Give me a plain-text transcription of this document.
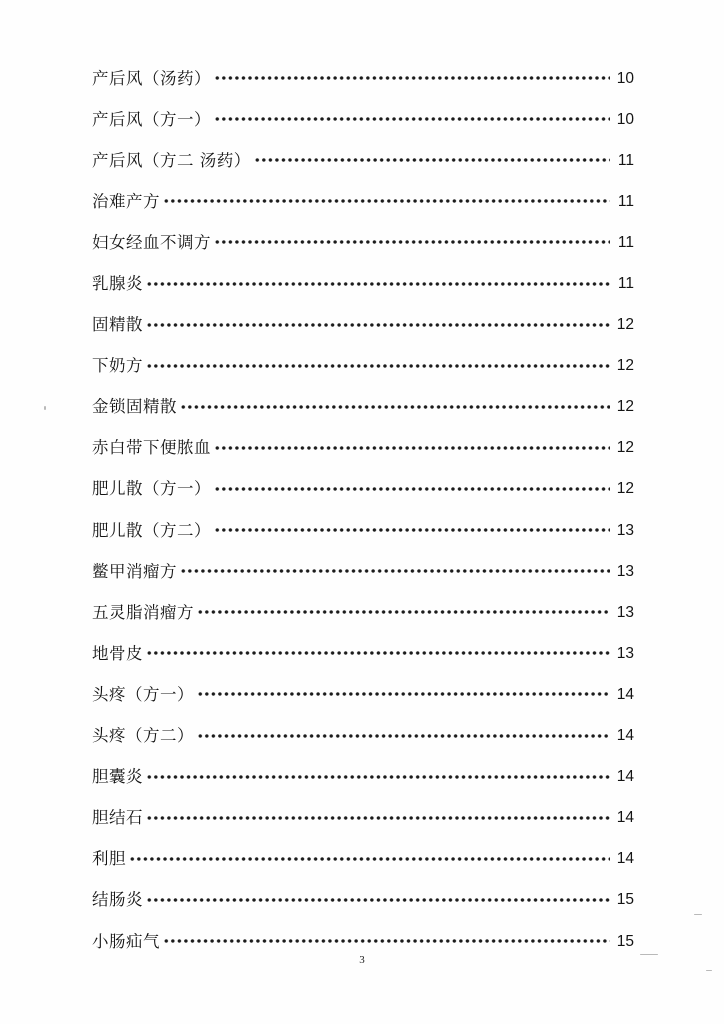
产后风（汤药）	10
产后风（方一）	10
产后风（方二 汤药）	11
治难产方	11
妇女经血不调方	11
乳腺炎	11
固精散	12
下奶方	12
金锁固精散	12
赤白带下便脓血	12
肥儿散（方一）	12
肥儿散（方二）	13
鳖甲消瘤方	13
五灵脂消瘤方	13
地骨皮	13
头疼（方一）	14
头疼（方二）	14
胆囊炎	14
胆结石	14
利胆	14
结肠炎	15
小肠疝气	15
3
